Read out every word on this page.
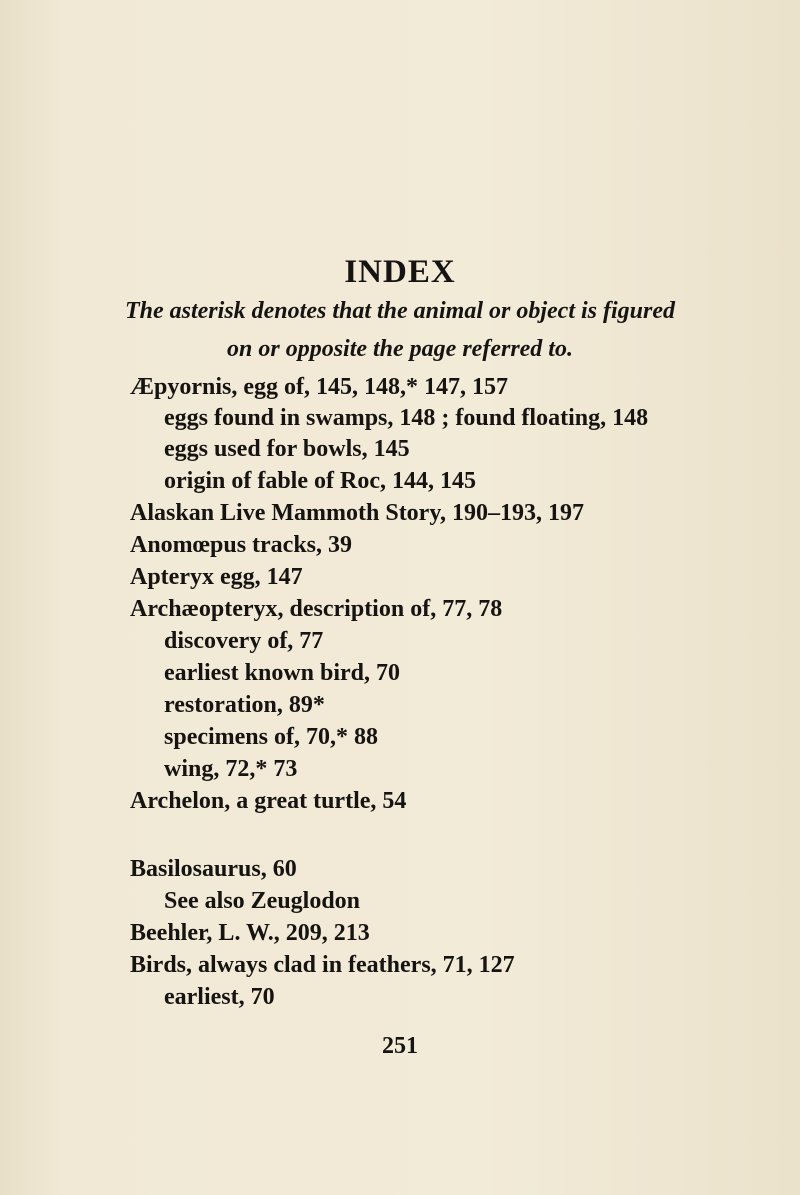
INDEX
The asterisk denotes that the animal or object is figured
on or opposite the page referred to.
Æpyornis, egg of, 145, 148,* 147, 157
eggs found in swamps, 148 ; found floating, 148
eggs used for bowls, 145
origin of fable of Roc, 144, 145
Alaskan Live Mammoth Story, 190–193, 197
Anomœpus tracks, 39
Apteryx egg, 147
Archæopteryx, description of, 77, 78
discovery of, 77
earliest known bird, 70
restoration, 89*
specimens of, 70,* 88
wing, 72,* 73
Archelon, a great turtle, 54
Basilosaurus, 60
See also Zeuglodon
Beehler, L. W., 209, 213
Birds, always clad in feathers, 71, 127
earliest, 70
251
